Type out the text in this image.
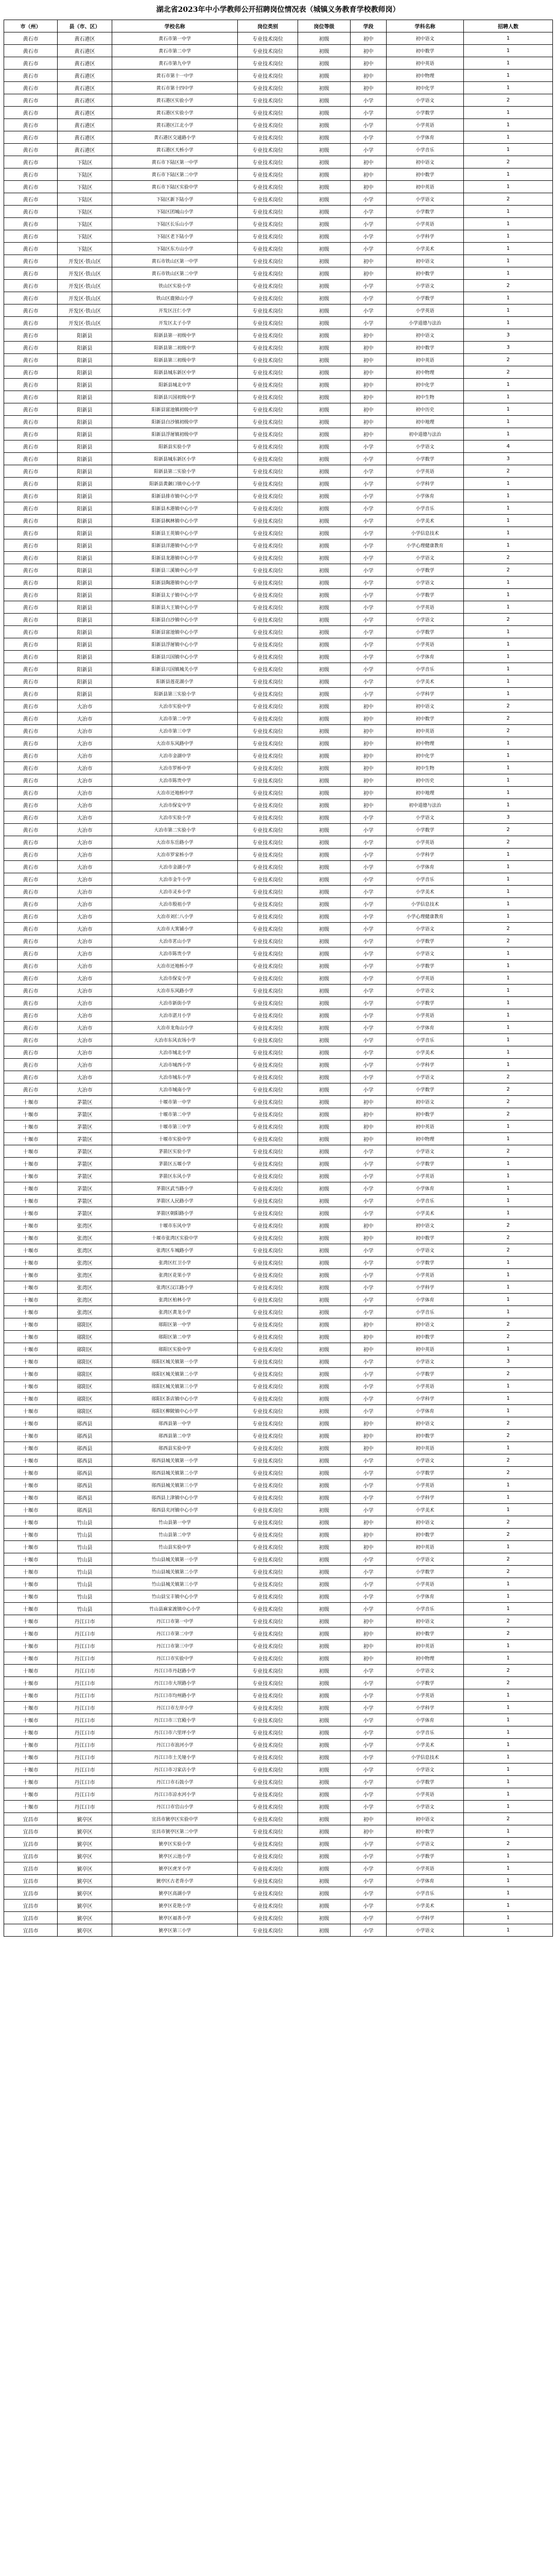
湖北省2023年中小学教师公开招聘岗位情况表（城镇义务教育学校教师岗）
市（州）	县（市、区）	学校名称	岗位类别	岗位等级	学段	学科名称	招聘人数
黄石市	黄石港区	黄石市第一中学	专业技术岗位	初级	初中	初中语文	1
黄石市	黄石港区	黄石市第二中学	专业技术岗位	初级	初中	初中数学	1
黄石市	黄石港区	黄石市第九中学	专业技术岗位	初级	初中	初中英语	1
黄石市	黄石港区	黄石市第十一中学	专业技术岗位	初级	初中	初中物理	1
黄石市	黄石港区	黄石市第十四中学	专业技术岗位	初级	初中	初中化学	1
黄石市	黄石港区	黄石港区实验小学	专业技术岗位	初级	小学	小学语文	2
黄石市	黄石港区	黄石港区实验小学	专业技术岗位	初级	小学	小学数学	1
黄石市	黄石港区	黄石港区江北小学	专业技术岗位	初级	小学	小学英语	1
黄石市	黄石港区	黄石港区交通路小学	专业技术岗位	初级	小学	小学体育	1
黄石市	黄石港区	黄石港区天桥小学	专业技术岗位	初级	小学	小学音乐	1
黄石市	下陆区	黄石市下陆区第一中学	专业技术岗位	初级	初中	初中语文	2
黄石市	下陆区	黄石市下陆区第二中学	专业技术岗位	初级	初中	初中数学	1
黄石市	下陆区	黄石市下陆区实验中学	专业技术岗位	初级	初中	初中英语	1
黄石市	下陆区	下陆区新下陆小学	专业技术岗位	初级	小学	小学语文	2
黄石市	下陆区	下陆区团城山小学	专业技术岗位	初级	小学	小学数学	1
黄石市	下陆区	下陆区长乐山小学	专业技术岗位	初级	小学	小学英语	1
黄石市	下陆区	下陆区老下陆小学	专业技术岗位	初级	小学	小学科学	1
黄石市	下陆区	下陆区东方山小学	专业技术岗位	初级	小学	小学美术	1
黄石市	开发区·铁山区	黄石市铁山区第一中学	专业技术岗位	初级	初中	初中语文	1
黄石市	开发区·铁山区	黄石市铁山区第二中学	专业技术岗位	初级	初中	初中数学	1
黄石市	开发区·铁山区	铁山区实验小学	专业技术岗位	初级	小学	小学语文	2
黄石市	开发区·铁山区	铁山区鹿獐山小学	专业技术岗位	初级	小学	小学数学	1
黄石市	开发区·铁山区	开发区汪仁小学	专业技术岗位	初级	小学	小学英语	1
黄石市	开发区·铁山区	开发区太子小学	专业技术岗位	初级	小学	小学道德与法治	1
黄石市	阳新县	阳新县第一初级中学	专业技术岗位	初级	初中	初中语文	3
黄石市	阳新县	阳新县第二初级中学	专业技术岗位	初级	初中	初中数学	3
黄石市	阳新县	阳新县第三初级中学	专业技术岗位	初级	初中	初中英语	2
黄石市	阳新县	阳新县城东新区中学	专业技术岗位	初级	初中	初中物理	2
黄石市	阳新县	阳新县城北中学	专业技术岗位	初级	初中	初中化学	1
黄石市	阳新县	阳新县兴国初级中学	专业技术岗位	初级	初中	初中生物	1
黄石市	阳新县	阳新县富池镇初级中学	专业技术岗位	初级	初中	初中历史	1
黄石市	阳新县	阳新县白沙镇初级中学	专业技术岗位	初级	初中	初中地理	1
黄石市	阳新县	阳新县浮屠镇初级中学	专业技术岗位	初级	初中	初中道德与法治	1
黄石市	阳新县	阳新县实验小学	专业技术岗位	初级	小学	小学语文	4
黄石市	阳新县	阳新县城东新区小学	专业技术岗位	初级	小学	小学数学	3
黄石市	阳新县	阳新县第二实验小学	专业技术岗位	初级	小学	小学英语	2
黄石市	阳新县	阳新县黄颡口镇中心小学	专业技术岗位	初级	小学	小学科学	1
黄石市	阳新县	阳新县排市镇中心小学	专业技术岗位	初级	小学	小学体育	1
黄石市	阳新县	阳新县木港镇中心小学	专业技术岗位	初级	小学	小学音乐	1
黄石市	阳新县	阳新县枫林镇中心小学	专业技术岗位	初级	小学	小学美术	1
黄石市	阳新县	阳新县王英镇中心小学	专业技术岗位	初级	小学	小学信息技术	1
黄石市	阳新县	阳新县洋港镇中心小学	专业技术岗位	初级	小学	小学心理健康教育	1
黄石市	阳新县	阳新县龙港镇中心小学	专业技术岗位	初级	小学	小学语文	2
黄石市	阳新县	阳新县三溪镇中心小学	专业技术岗位	初级	小学	小学数学	2
黄石市	阳新县	阳新县陶港镇中心小学	专业技术岗位	初级	小学	小学语文	1
黄石市	阳新县	阳新县太子镇中心小学	专业技术岗位	初级	小学	小学数学	1
黄石市	阳新县	阳新县大王镇中心小学	专业技术岗位	初级	小学	小学英语	1
黄石市	阳新县	阳新县白沙镇中心小学	专业技术岗位	初级	小学	小学语文	2
黄石市	阳新县	阳新县富池镇中心小学	专业技术岗位	初级	小学	小学数学	1
黄石市	阳新县	阳新县浮屠镇中心小学	专业技术岗位	初级	小学	小学英语	1
黄石市	阳新县	阳新县兴国镇中心小学	专业技术岗位	初级	小学	小学体育	1
黄石市	阳新县	阳新县兴国镇城关小学	专业技术岗位	初级	小学	小学音乐	1
黄石市	阳新县	阳新县莲花湖小学	专业技术岗位	初级	小学	小学美术	1
黄石市	阳新县	阳新县第三实验小学	专业技术岗位	初级	小学	小学科学	1
黄石市	大冶市	大冶市实验中学	专业技术岗位	初级	初中	初中语文	2
黄石市	大冶市	大冶市第二中学	专业技术岗位	初级	初中	初中数学	2
黄石市	大冶市	大冶市第三中学	专业技术岗位	初级	初中	初中英语	2
黄石市	大冶市	大冶市东风路中学	专业技术岗位	初级	初中	初中物理	1
黄石市	大冶市	大冶市金湖中学	专业技术岗位	初级	初中	初中化学	1
黄石市	大冶市	大冶市罗桥中学	专业技术岗位	初级	初中	初中生物	1
黄石市	大冶市	大冶市陈贵中学	专业技术岗位	初级	初中	初中历史	1
黄石市	大冶市	大冶市还地桥中学	专业技术岗位	初级	初中	初中地理	1
黄石市	大冶市	大冶市保安中学	专业技术岗位	初级	初中	初中道德与法治	1
黄石市	大冶市	大冶市实验小学	专业技术岗位	初级	小学	小学语文	3
黄石市	大冶市	大冶市第二实验小学	专业技术岗位	初级	小学	小学数学	2
黄石市	大冶市	大冶市东岳路小学	专业技术岗位	初级	小学	小学英语	2
黄石市	大冶市	大冶市罗家桥小学	专业技术岗位	初级	小学	小学科学	1
黄石市	大冶市	大冶市金湖小学	专业技术岗位	初级	小学	小学体育	1
黄石市	大冶市	大冶市金牛小学	专业技术岗位	初级	小学	小学音乐	1
黄石市	大冶市	大冶市灵乡小学	专业技术岗位	初级	小学	小学美术	1
黄石市	大冶市	大冶市殷祖小学	专业技术岗位	初级	小学	小学信息技术	1
黄石市	大冶市	大冶市刘仁八小学	专业技术岗位	初级	小学	小学心理健康教育	1
黄石市	大冶市	大冶市大箕铺小学	专业技术岗位	初级	小学	小学语文	2
黄石市	大冶市	大冶市茗山小学	专业技术岗位	初级	小学	小学数学	2
黄石市	大冶市	大冶市陈贵小学	专业技术岗位	初级	小学	小学语文	1
黄石市	大冶市	大冶市还地桥小学	专业技术岗位	初级	小学	小学数学	1
黄石市	大冶市	大冶市保安小学	专业技术岗位	初级	小学	小学英语	1
黄石市	大冶市	大冶市东风路小学	专业技术岗位	初级	小学	小学语文	1
黄石市	大冶市	大冶市新街小学	专业技术岗位	初级	小学	小学数学	1
黄石市	大冶市	大冶市湛月小学	专业技术岗位	初级	小学	小学英语	1
黄石市	大冶市	大冶市龙角山小学	专业技术岗位	初级	小学	小学体育	1
黄石市	大冶市	大冶市东风农场小学	专业技术岗位	初级	小学	小学音乐	1
黄石市	大冶市	大冶市城北小学	专业技术岗位	初级	小学	小学美术	1
黄石市	大冶市	大冶市城西小学	专业技术岗位	初级	小学	小学科学	1
黄石市	大冶市	大冶市城东小学	专业技术岗位	初级	小学	小学语文	2
黄石市	大冶市	大冶市城南小学	专业技术岗位	初级	小学	小学数学	2
十堰市	茅箭区	十堰市第一中学	专业技术岗位	初级	初中	初中语文	2
十堰市	茅箭区	十堰市第二中学	专业技术岗位	初级	初中	初中数学	2
十堰市	茅箭区	十堰市第三中学	专业技术岗位	初级	初中	初中英语	1
十堰市	茅箭区	十堰市实验中学	专业技术岗位	初级	初中	初中物理	1
十堰市	茅箭区	茅箭区实验小学	专业技术岗位	初级	小学	小学语文	2
十堰市	茅箭区	茅箭区五堰小学	专业技术岗位	初级	小学	小学数学	1
十堰市	茅箭区	茅箭区东风小学	专业技术岗位	初级	小学	小学英语	1
十堰市	茅箭区	茅箭区武当路小学	专业技术岗位	初级	小学	小学体育	1
十堰市	茅箭区	茅箭区人民路小学	专业技术岗位	初级	小学	小学音乐	1
十堰市	茅箭区	茅箭区朝阳路小学	专业技术岗位	初级	小学	小学美术	1
十堰市	张湾区	十堰市东风中学	专业技术岗位	初级	初中	初中语文	2
十堰市	张湾区	十堰市张湾区实验中学	专业技术岗位	初级	初中	初中数学	2
十堰市	张湾区	张湾区车城路小学	专业技术岗位	初级	小学	小学语文	2
十堰市	张湾区	张湾区红卫小学	专业技术岗位	初级	小学	小学数学	1
十堰市	张湾区	张湾区花果小学	专业技术岗位	初级	小学	小学英语	1
十堰市	张湾区	张湾区汉江路小学	专业技术岗位	初级	小学	小学科学	1
十堰市	张湾区	张湾区柏林小学	专业技术岗位	初级	小学	小学体育	1
十堰市	张湾区	张湾区黄龙小学	专业技术岗位	初级	小学	小学音乐	1
十堰市	郧阳区	郧阳区第一中学	专业技术岗位	初级	初中	初中语文	2
十堰市	郧阳区	郧阳区第二中学	专业技术岗位	初级	初中	初中数学	2
十堰市	郧阳区	郧阳区实验中学	专业技术岗位	初级	初中	初中英语	1
十堰市	郧阳区	郧阳区城关镇第一小学	专业技术岗位	初级	小学	小学语文	3
十堰市	郧阳区	郧阳区城关镇第二小学	专业技术岗位	初级	小学	小学数学	2
十堰市	郧阳区	郧阳区城关镇第三小学	专业技术岗位	初级	小学	小学英语	1
十堰市	郧阳区	郧阳区茶店镇中心小学	专业技术岗位	初级	小学	小学科学	1
十堰市	郧阳区	郧阳区柳陂镇中心小学	专业技术岗位	初级	小学	小学体育	1
十堰市	郧西县	郧西县第一中学	专业技术岗位	初级	初中	初中语文	2
十堰市	郧西县	郧西县第二中学	专业技术岗位	初级	初中	初中数学	2
十堰市	郧西县	郧西县实验中学	专业技术岗位	初级	初中	初中英语	1
十堰市	郧西县	郧西县城关镇第一小学	专业技术岗位	初级	小学	小学语文	2
十堰市	郧西县	郧西县城关镇第二小学	专业技术岗位	初级	小学	小学数学	2
十堰市	郧西县	郧西县城关镇第三小学	专业技术岗位	初级	小学	小学英语	1
十堰市	郧西县	郧西县上津镇中心小学	专业技术岗位	初级	小学	小学科学	1
十堰市	郧西县	郧西县夹河镇中心小学	专业技术岗位	初级	小学	小学美术	1
十堰市	竹山县	竹山县第一中学	专业技术岗位	初级	初中	初中语文	2
十堰市	竹山县	竹山县第二中学	专业技术岗位	初级	初中	初中数学	2
十堰市	竹山县	竹山县实验中学	专业技术岗位	初级	初中	初中英语	1
十堰市	竹山县	竹山县城关镇第一小学	专业技术岗位	初级	小学	小学语文	2
十堰市	竹山县	竹山县城关镇第二小学	专业技术岗位	初级	小学	小学数学	2
十堰市	竹山县	竹山县城关镇第三小学	专业技术岗位	初级	小学	小学英语	1
十堰市	竹山县	竹山县宝丰镇中心小学	专业技术岗位	初级	小学	小学体育	1
十堰市	竹山县	竹山县麻家渡镇中心小学	专业技术岗位	初级	小学	小学音乐	1
十堰市	丹江口市	丹江口市第一中学	专业技术岗位	初级	初中	初中语文	2
十堰市	丹江口市	丹江口市第二中学	专业技术岗位	初级	初中	初中数学	2
十堰市	丹江口市	丹江口市第三中学	专业技术岗位	初级	初中	初中英语	1
十堰市	丹江口市	丹江口市实验中学	专业技术岗位	初级	初中	初中物理	1
十堰市	丹江口市	丹江口市丹赵路小学	专业技术岗位	初级	小学	小学语文	2
十堰市	丹江口市	丹江口市大坝路小学	专业技术岗位	初级	小学	小学数学	2
十堰市	丹江口市	丹江口市均州路小学	专业技术岗位	初级	小学	小学英语	1
十堰市	丹江口市	丹江口市左岸小学	专业技术岗位	初级	小学	小学科学	1
十堰市	丹江口市	丹江口市三官殿小学	专业技术岗位	初级	小学	小学体育	1
十堰市	丹江口市	丹江口市六里坪小学	专业技术岗位	初级	小学	小学音乐	1
十堰市	丹江口市	丹江口市浪河小学	专业技术岗位	初级	小学	小学美术	1
十堰市	丹江口市	丹江口市土关垭小学	专业技术岗位	初级	小学	小学信息技术	1
十堰市	丹江口市	丹江口市习家店小学	专业技术岗位	初级	小学	小学语文	1
十堰市	丹江口市	丹江口市石鼓小学	专业技术岗位	初级	小学	小学数学	1
十堰市	丹江口市	丹江口市凉水河小学	专业技术岗位	初级	小学	小学英语	1
十堰市	丹江口市	丹江口市官山小学	专业技术岗位	初级	小学	小学语文	1
宜昌市	猇亭区	宜昌市猇亭区实验中学	专业技术岗位	初级	初中	初中语文	2
宜昌市	猇亭区	宜昌市猇亭区第二中学	专业技术岗位	初级	初中	初中数学	1
宜昌市	猇亭区	猇亭区实验小学	专业技术岗位	初级	小学	小学语文	2
宜昌市	猇亭区	猇亭区云池小学	专业技术岗位	初级	小学	小学数学	1
宜昌市	猇亭区	猇亭区虎牙小学	专业技术岗位	初级	小学	小学英语	1
宜昌市	猇亭区	猇亭区古老背小学	专业技术岗位	初级	小学	小学体育	1
宜昌市	猇亭区	猇亭区高湖小学	专业技术岗位	初级	小学	小学音乐	1
宜昌市	猇亭区	猇亭区花艳小学	专业技术岗位	初级	小学	小学美术	1
宜昌市	猇亭区	猇亭区福善小学	专业技术岗位	初级	小学	小学科学	1
宜昌市	猇亭区	猇亭区第三小学	专业技术岗位	初级	小学	小学语文	1
